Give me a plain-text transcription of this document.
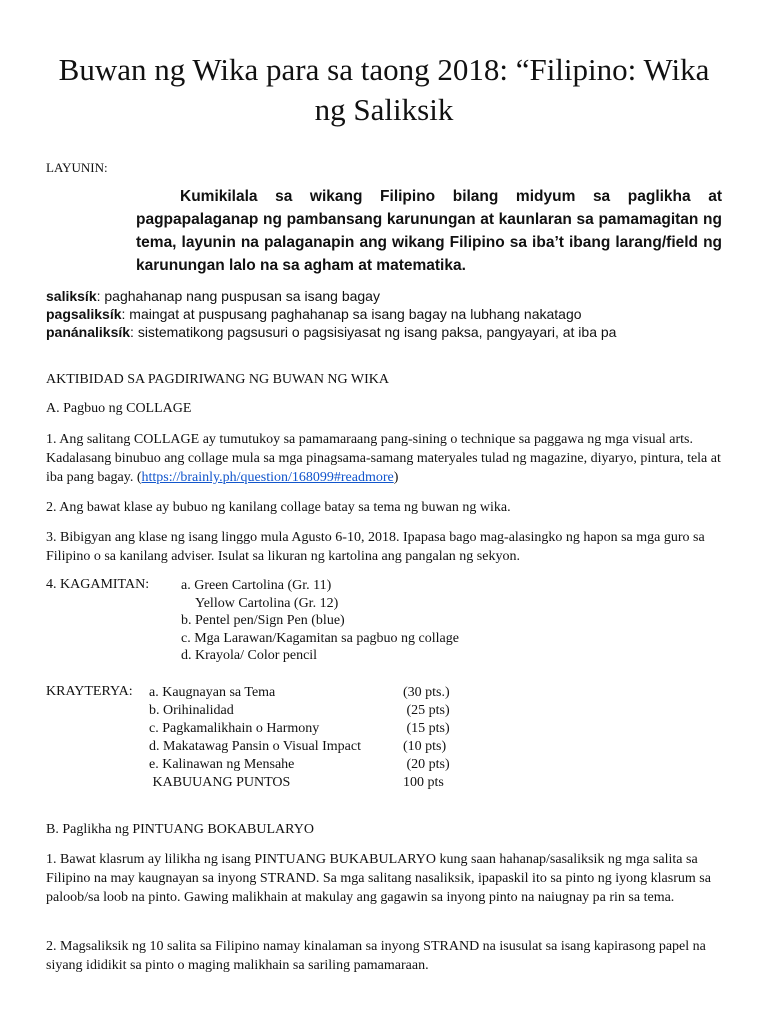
Buwan ng Wika para sa taong 2018: “Filipino: Wika ng Saliksik
LAYUNIN:

Kumikilala sa wikang Filipino bilang midyum sa paglikha at pagpapalaganap ng pambansang karunungan at kaunlaran sa pamamagitan ng tema, layunin na palaganapin ang wikang Filipino sa iba’t ibang larang/field ng karunungan lalo na sa agham at matematika.

saliksík: paghahanap nang puspusan sa isang bagay
pagsaliksík: maingat at puspusang paghahanap sa isang bagay na lubhang nakatago
panánaliksík: sistematikong pagsusuri o pagsisiyasat ng isang paksa, pangyayari, at iba pa
AKTIBIDAD SA PAGDIRIWANG NG BUWAN NG WIKA
A. Pagbuo ng COLLAGE

1. Ang salitang COLLAGE ay tumutukoy sa pamamaraang pang-sining o technique sa paggawa ng mga visual arts. Kadalasang binubuo ang collage mula sa mga pinagsama-samang materyales tulad ng magazine, diyaryo, pintura, tela at iba pang bagay. (https://brainly.ph/question/168099#readmore)

2. Ang bawat klase ay bubuo ng kanilang collage batay sa tema ng buwan ng wika.

3. Bibigyan ang klase ng isang linggo mula Agusto 6-10, 2018. Ipapasa bago mag-alasingko ng hapon sa mga guro sa Filipino o sa kanilang adviser. Isulat sa likuran ng kartolina ang pangalan ng sekyon.

4. KAGAMITAN: a. Green Cartolina (Gr. 11)
Yellow Cartolina (Gr. 12)
b. Pentel pen/Sign Pen (blue)
c. Mga Larawan/Kagamitan sa pagbuo ng collage
d. Krayola/ Color pencil
KRAYTERYA: a. Kaugnayan sa Tema	(30 pts.)
b. Orihinalidad	(25 pts)
c. Pagkamalikhain o Harmony	(15 pts)
d. Makatawag Pansin o Visual Impact	(10 pts)
e. Kalinawan ng Mensahe	(20 pts)
KABUUANG PUNTOS	100 pts
B. Paglikha ng PINTUANG BOKABULARYO

1. Bawat klasrum ay lilikha ng isang PINTUANG BUKABULARYO kung saan hahanap/sasaliksik ng mga salita sa Filipino na may kaugnayan sa inyong STRAND. Sa mga salitang nasaliksik, ipapaskil ito sa pinto ng iyong klasrum sa paloob/sa loob na pinto. Gawing malikhain at makulay ang gagawin sa inyong pinto na naiugnay pa rin sa tema.

2. Magsaliksik ng 10 salita sa Filipino namay kinalaman sa inyong STRAND na isusulat sa isang kapirasong papel na siyang ididikit sa pinto o maging malikhain sa sariling pamamaraan.
